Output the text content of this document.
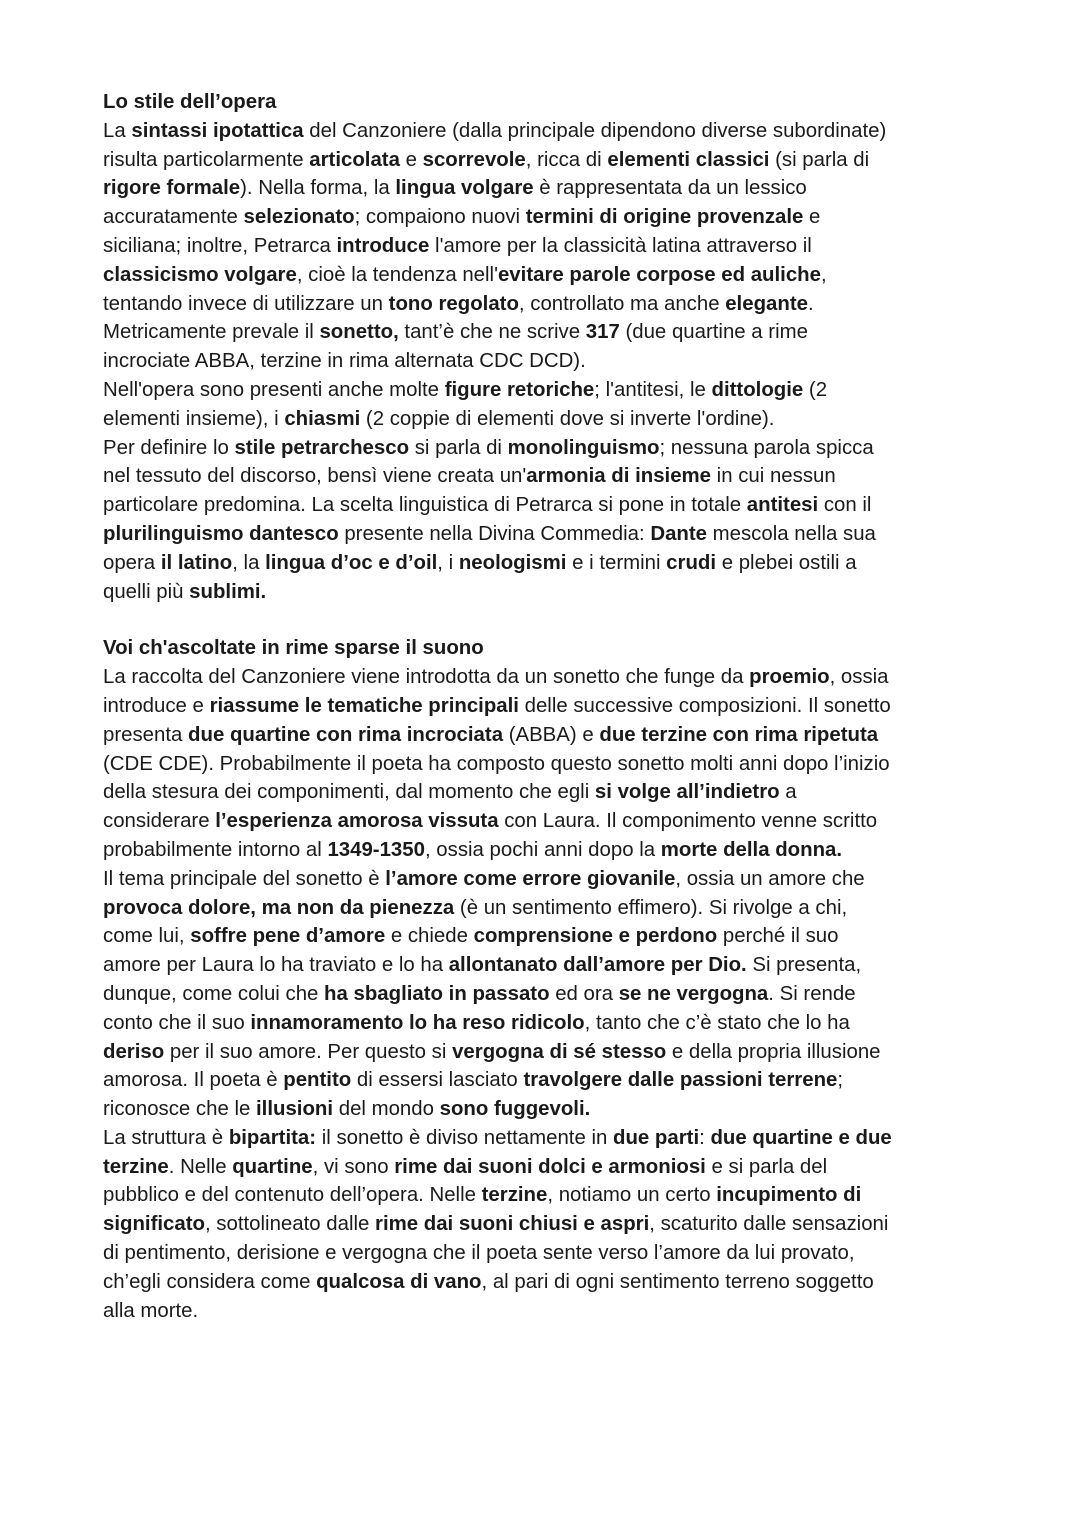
Lo stile dell’opera
La sintassi ipotattica del Canzoniere (dalla principale dipendono diverse subordinate)
risulta particolarmente articolata e scorrevole, ricca di elementi classici (si parla di
rigore formale). Nella forma, la lingua volgare è rappresentata da un lessico
accuratamente selezionato; compaiono nuovi termini di origine provenzale e
siciliana; inoltre, Petrarca introduce l'amore per la classicità latina attraverso il
classicismo volgare, cioè la tendenza nell'evitare parole corpose ed auliche,
tentando invece di utilizzare un tono regolato, controllato ma anche elegante.
Metricamente prevale il sonetto, tant’è che ne scrive 317 (due quartine a rime
incrociate ABBA, terzine in rima alternata CDC DCD).
Nell'opera sono presenti anche molte figure retoriche; l'antitesi, le dittologie (2
elementi insieme), i chiasmi (2 coppie di elementi dove si inverte l'ordine).
Per definire lo stile petrarchesco si parla di monolinguismo; nessuna parola spicca
nel tessuto del discorso, bensì viene creata un'armonia di insieme in cui nessun
particolare predomina. La scelta linguistica di Petrarca si pone in totale antitesi con il
plurilinguismo dantesco presente nella Divina Commedia: Dante mescola nella sua
opera il latino, la lingua d’oc e d’oil, i neologismi e i termini crudi e plebei ostili a
quelli più sublimi.
Voi ch'ascoltate in rime sparse il suono
La raccolta del Canzoniere viene introdotta da un sonetto che funge da proemio, ossia
introduce e riassume le tematiche principali delle successive composizioni. Il sonetto
presenta due quartine con rima incrociata (ABBA) e due terzine con rima ripetuta
(CDE CDE). Probabilmente il poeta ha composto questo sonetto molti anni dopo l’inizio
della stesura dei componimenti, dal momento che egli si volge all’indietro a
considerare l’esperienza amorosa vissuta con Laura. Il componimento venne scritto
probabilmente intorno al 1349-1350, ossia pochi anni dopo la morte della donna.
Il tema principale del sonetto è l’amore come errore giovanile, ossia un amore che
provoca dolore, ma non da pienezza (è un sentimento effimero). Si rivolge a chi,
come lui, soffre pene d’amore e chiede comprensione e perdono perché il suo
amore per Laura lo ha traviato e lo ha allontanato dall’amore per Dio. Si presenta,
dunque, come colui che ha sbagliato in passato ed ora se ne vergogna. Si rende
conto che il suo innamoramento lo ha reso ridicolo, tanto che c’è stato che lo ha
deriso per il suo amore. Per questo si vergogna di sé stesso e della propria illusione
amorosa. Il poeta è pentito di essersi lasciato travolgere dalle passioni terrene;
riconosce che le illusioni del mondo sono fuggevoli.
La struttura è bipartita: il sonetto è diviso nettamente in due parti: due quartine e due
terzine. Nelle quartine, vi sono rime dai suoni dolci e armoniosi e si parla del
pubblico e del contenuto dell’opera. Nelle terzine, notiamo un certo incupimento di
significato, sottolineato dalle rime dai suoni chiusi e aspri, scaturito dalle sensazioni
di pentimento, derisione e vergogna che il poeta sente verso l’amore da lui provato,
ch’egli considera come qualcosa di vano, al pari di ogni sentimento terreno soggetto
alla morte.
